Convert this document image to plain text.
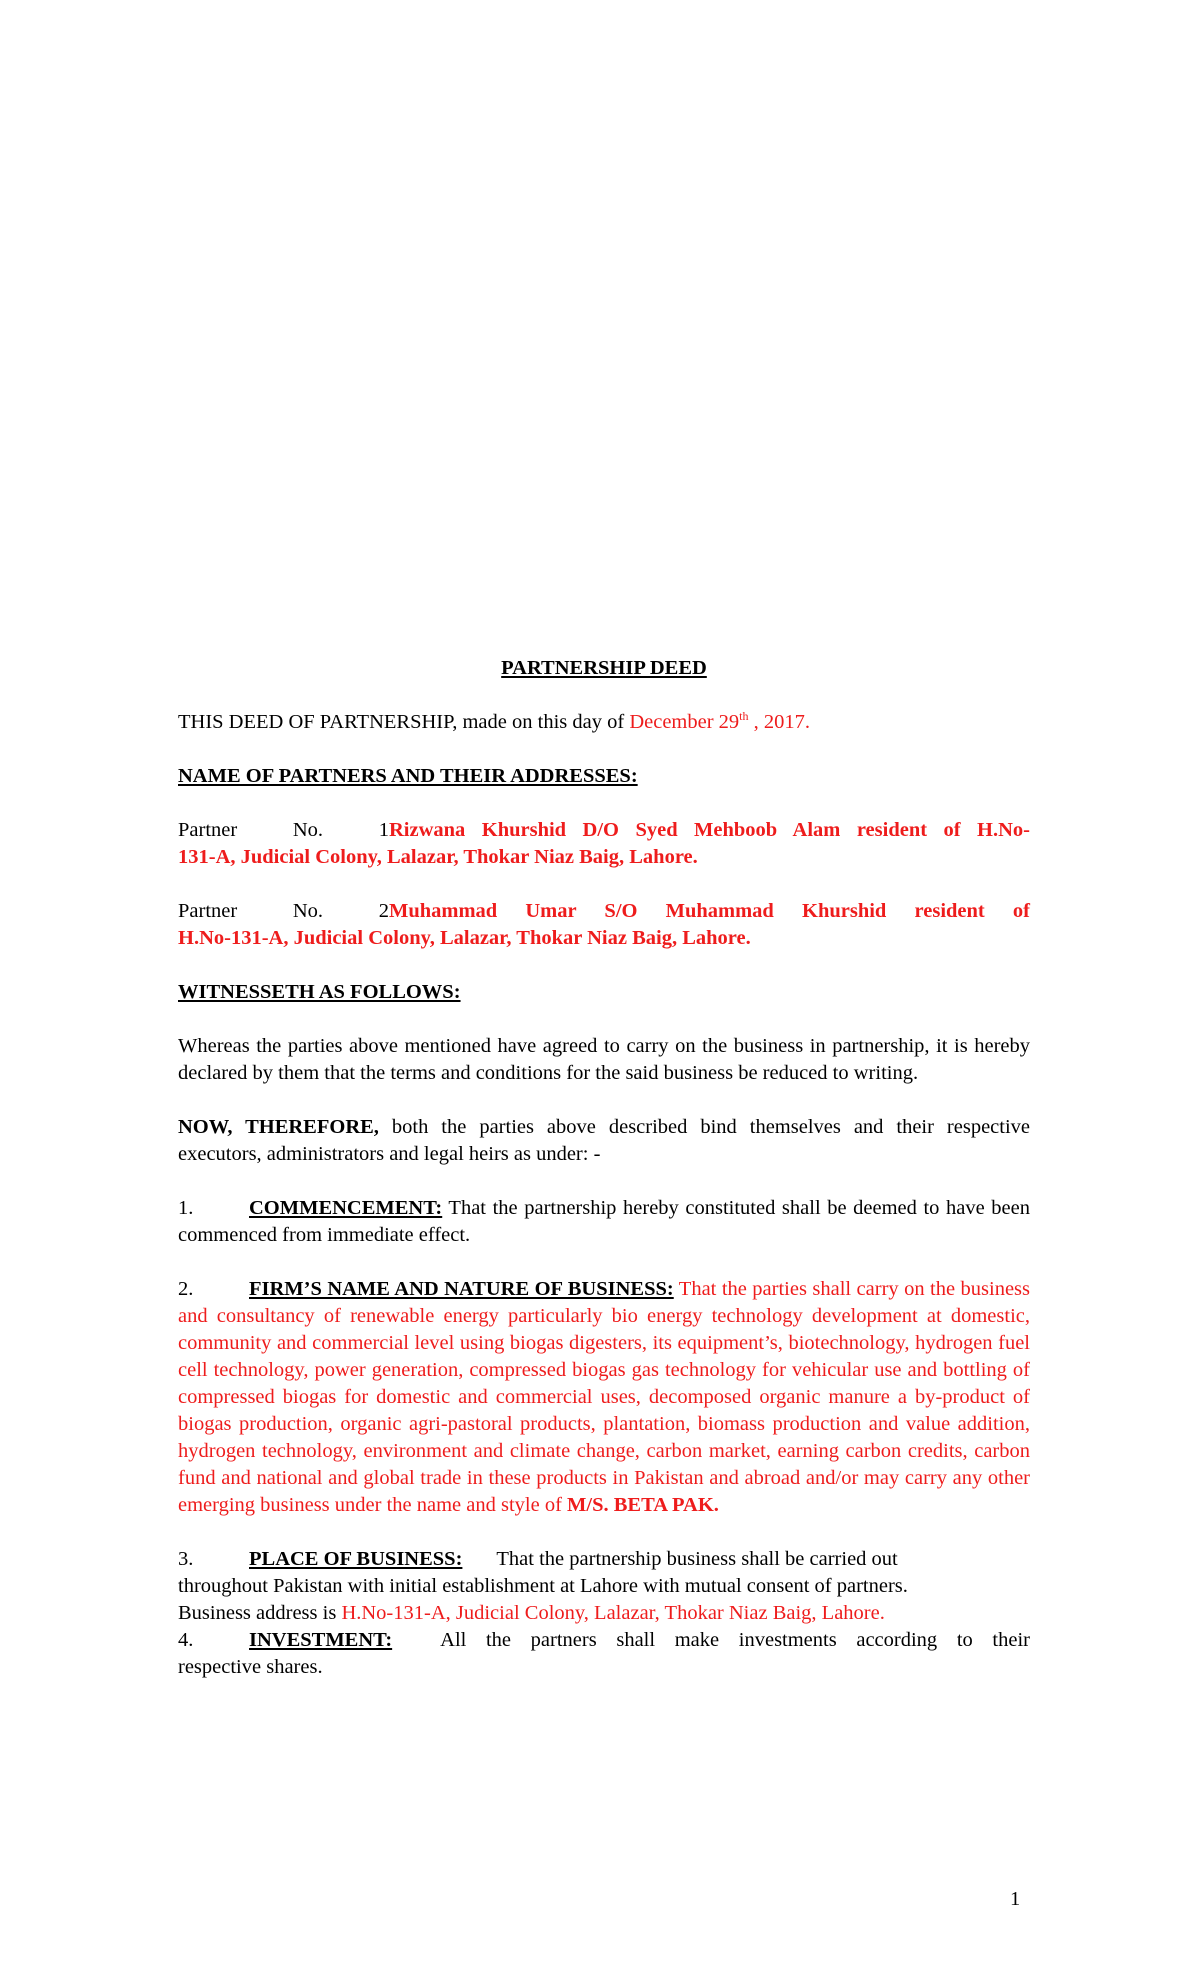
PARTNERSHIP DEED

THIS DEED OF PARTNERSHIP, made on this day of December 29th , 2017.

NAME OF PARTNERS AND THEIR ADDRESSES:

Partner No. 1Rizwana Khurshid D/O Syed Mehboob Alam resident of H.No-

131-A, Judicial Colony, Lalazar, Thokar Niaz Baig, Lahore.

Partner No. 2Muhammad Umar S/O Muhammad Khurshid resident of

H.No-131-A, Judicial Colony, Lalazar, Thokar Niaz Baig, Lahore.

WITNESSETH AS FOLLOWS:

Whereas the parties above mentioned have agreed to carry on the business in partnership, it is hereby declared by them that the terms and conditions for the said business be reduced to writing.

NOW, THEREFORE, both the parties above described bind themselves and their respective executors, administrators and legal heirs as under: -

1.	COMMENCEMENT: That the partnership hereby constituted shall be deemed to have been commenced from immediate effect.

2.	FIRM’S NAME AND NATURE OF BUSINESS: That the parties shall carry on the business and consultancy of renewable energy particularly bio energy technology development at domestic, community and commercial level using biogas digesters, its equipment’s, biotechnology, hydrogen fuel cell technology, power generation, compressed biogas gas technology for vehicular use and bottling of compressed biogas for domestic and commercial uses, decomposed organic manure a by-product of biogas production, organic agri-pastoral products, plantation, biomass production and value addition, hydrogen technology, environment and climate change, carbon market, earning carbon credits, carbon fund and national and global trade in these products in Pakistan and abroad and/or may carry any other emerging business under the name and style of M/S. BETA PAK.

3.	PLACE OF BUSINESS: That the partnership business shall be carried out

throughout Pakistan with initial establishment at Lahore with mutual consent of partners.

Business address is H.No-131-A, Judicial Colony, Lalazar, Thokar Niaz Baig, Lahore.

4.	INVESTMENT: All the partners shall make investments according to their

respective shares.

1
